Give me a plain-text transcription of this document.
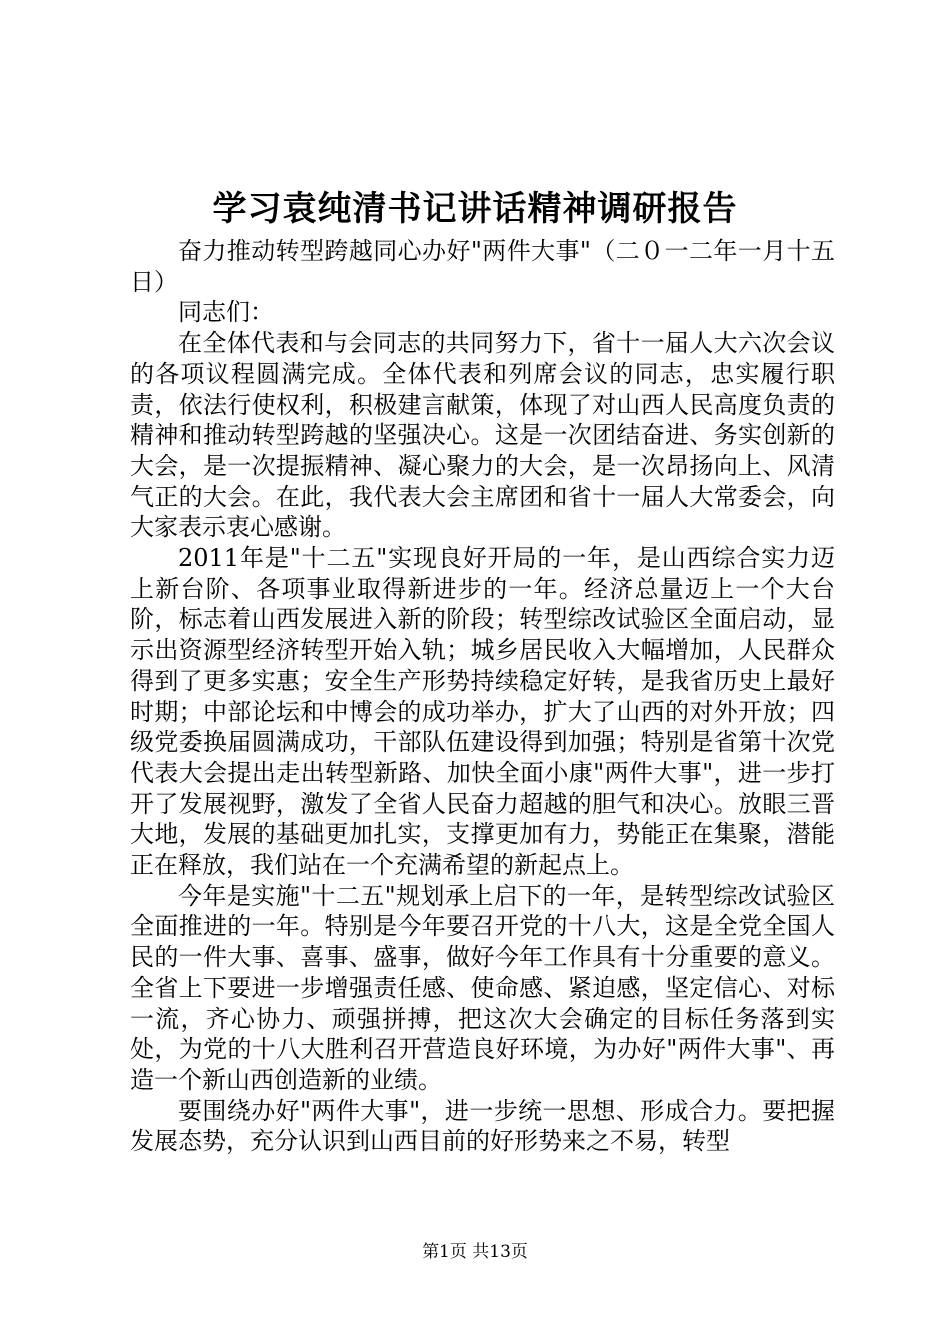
学习袁纯清书记讲话精神调研报告

奋力推动转型跨越同心办好"两件大事"（二０一二年一月十五日）

同志们：

在全体代表和与会同志的共同努力下，省十一届人大六次会议的各项议程圆满完成。全体代表和列席会议的同志，忠实履行职责，依法行使权利，积极建言献策，体现了对山西人民高度负责的精神和推动转型跨越的坚强决心。这是一次团结奋进、务实创新的大会，是一次提振精神、凝心聚力的大会，是一次昂扬向上、风清气正的大会。在此，我代表大会主席团和省十一届人大常委会，向大家表示衷心感谢。

2011年是"十二五"实现良好开局的一年，是山西综合实力迈上新台阶、各项事业取得新进步的一年。经济总量迈上一个大台阶，标志着山西发展进入新的阶段；转型综改试验区全面启动，显示出资源型经济转型开始入轨；城乡居民收入大幅增加，人民群众得到了更多实惠；安全生产形势持续稳定好转，是我省历史上最好时期；中部论坛和中博会的成功举办，扩大了山西的对外开放；四级党委换届圆满成功，干部队伍建设得到加强；特别是省第十次党代表大会提出走出转型新路、加快全面小康"两件大事"，进一步打开了发展视野，激发了全省人民奋力超越的胆气和决心。放眼三晋大地，发展的基础更加扎实，支撑更加有力，势能正在集聚，潜能正在释放，我们站在一个充满希望的新起点上。

今年是实施"十二五"规划承上启下的一年，是转型综改试验区全面推进的一年。特别是今年要召开党的十八大，这是全党全国人民的一件大事、喜事、盛事，做好今年工作具有十分重要的意义。全省上下要进一步增强责任感、使命感、紧迫感，坚定信心、对标一流，齐心协力、顽强拼搏，把这次大会确定的目标任务落到实处，为党的十八大胜利召开营造良好环境，为办好"两件大事"、再造一个新山西创造新的业绩。

要围绕办好"两件大事"，进一步统一思想、形成合力。要把握发展态势，充分认识到山西目前的好形势来之不易，转型

第1页 共13页
